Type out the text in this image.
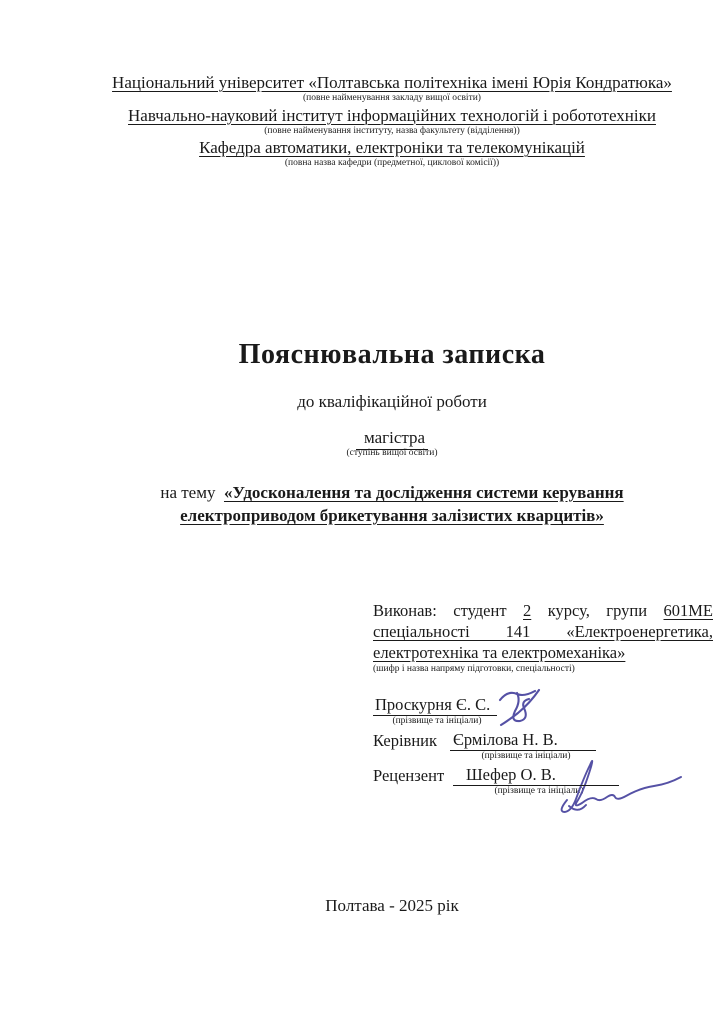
Національний університет «Полтавська політехніка імені Юрія Кондратюка»
(повне найменування закладу вищої освіти)
Навчально-науковий інститут інформаційних технологій і робототехніки
(повне найменування інституту, назва факультету (відділення))
Кафедра автоматики, електроніки та телекомунікацій
(повна назва кафедри (предметної, циклової комісії))
Пояснювальна записка
до кваліфікаційної роботи
магістра
(ступінь вищої освіти)
на тему  «Удосконалення та дослідження системи керування
електроприводом брикетування залізистих кварцитів»
Виконав: студент 2 курсу, групи 601МЕ
спеціальності 141 «Електроенергетика,
електротехніка та електромеханіка»
(шифр і назва напряму підготовки, спеціальності)
Проскурня Є. С.
(прізвище та ініціали)
Керівник Єрмілова Н. В.
(прізвище та ініціали)
Рецензент Шефер О. В.
(прізвище та ініціали)
Полтава - 2025 рік
